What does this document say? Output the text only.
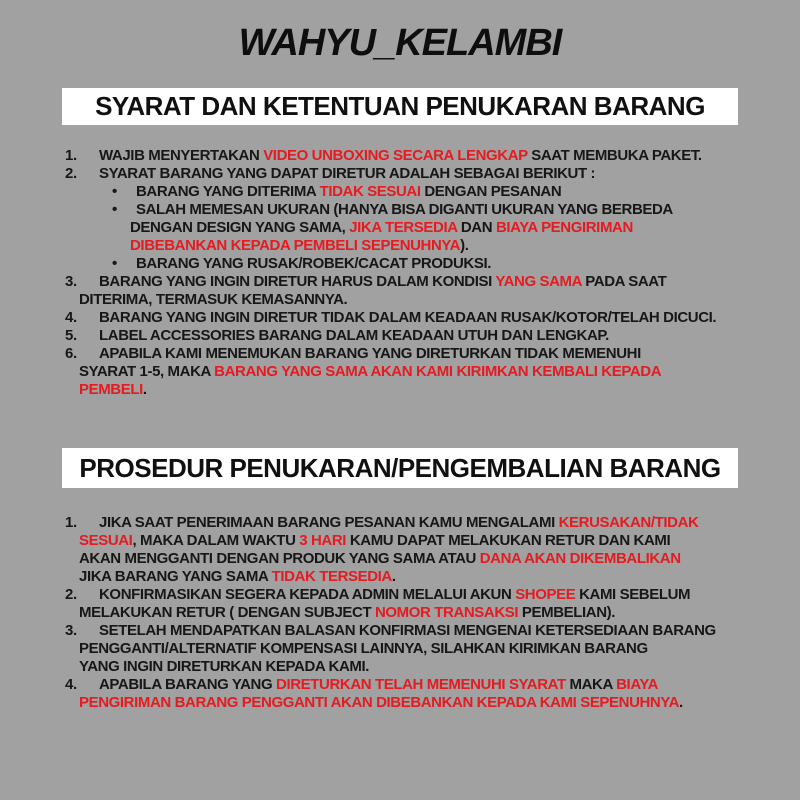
WAHYU_KELAMBI
SYARAT DAN KETENTUAN PENUKARAN BARANG
1. WAJIB MENYERTAKAN VIDEO UNBOXING SECARA LENGKAP SAAT MEMBUKA PAKET.
2. SYARAT BARANG YANG DAPAT DIRETUR ADALAH SEBAGAI BERIKUT :
• BARANG YANG DITERIMA TIDAK SESUAI DENGAN PESANAN
• SALAH MEMESAN UKURAN (HANYA BISA DIGANTI UKURAN YANG BERBEDA
DENGAN DESIGN YANG SAMA, JIKA TERSEDIA DAN BIAYA PENGIRIMAN
DIBEBANKAN KEPADA PEMBELI SEPENUHNYA).
• BARANG YANG RUSAK/ROBEK/CACAT PRODUKSI.
3. BARANG YANG INGIN DIRETUR HARUS DALAM KONDISI YANG SAMA PADA SAAT
DITERIMA, TERMASUK KEMASANNYA.
4. BARANG YANG INGIN DIRETUR TIDAK DALAM KEADAAN RUSAK/KOTOR/TELAH DICUCI.
5. LABEL ACCESSORIES BARANG DALAM KEADAAN UTUH DAN LENGKAP.
6. APABILA KAMI MENEMUKAN BARANG YANG DIRETURKAN TIDAK MEMENUHI
SYARAT 1-5, MAKA BARANG YANG SAMA AKAN KAMI KIRIMKAN KEMBALI KEPADA
PEMBELI.
PROSEDUR PENUKARAN/PENGEMBALIAN BARANG
1. JIKA SAAT PENERIMAAN BARANG PESANAN KAMU MENGALAMI KERUSAKAN/TIDAK
SESUAI, MAKA DALAM WAKTU 3 HARI KAMU DAPAT MELAKUKAN RETUR DAN KAMI
AKAN MENGGANTI DENGAN PRODUK YANG SAMA ATAU DANA AKAN DIKEMBALIKAN
JIKA BARANG YANG SAMA TIDAK TERSEDIA.
2. KONFIRMASIKAN SEGERA KEPADA ADMIN MELALUI AKUN SHOPEE KAMI SEBELUM
MELAKUKAN RETUR ( DENGAN SUBJECT NOMOR TRANSAKSI PEMBELIAN).
3. SETELAH MENDAPATKAN BALASAN KONFIRMASI MENGENAI KETERSEDIAAN BARANG
PENGGANTI/ALTERNATIF KOMPENSASI LAINNYA, SILAHKAN KIRIMKAN BARANG
YANG INGIN DIRETURKAN KEPADA KAMI.
4. APABILA BARANG YANG DIRETURKAN TELAH MEMENUHI SYARAT MAKA BIAYA
PENGIRIMAN BARANG PENGGANTI AKAN DIBEBANKAN KEPADA KAMI SEPENUHNYA.
